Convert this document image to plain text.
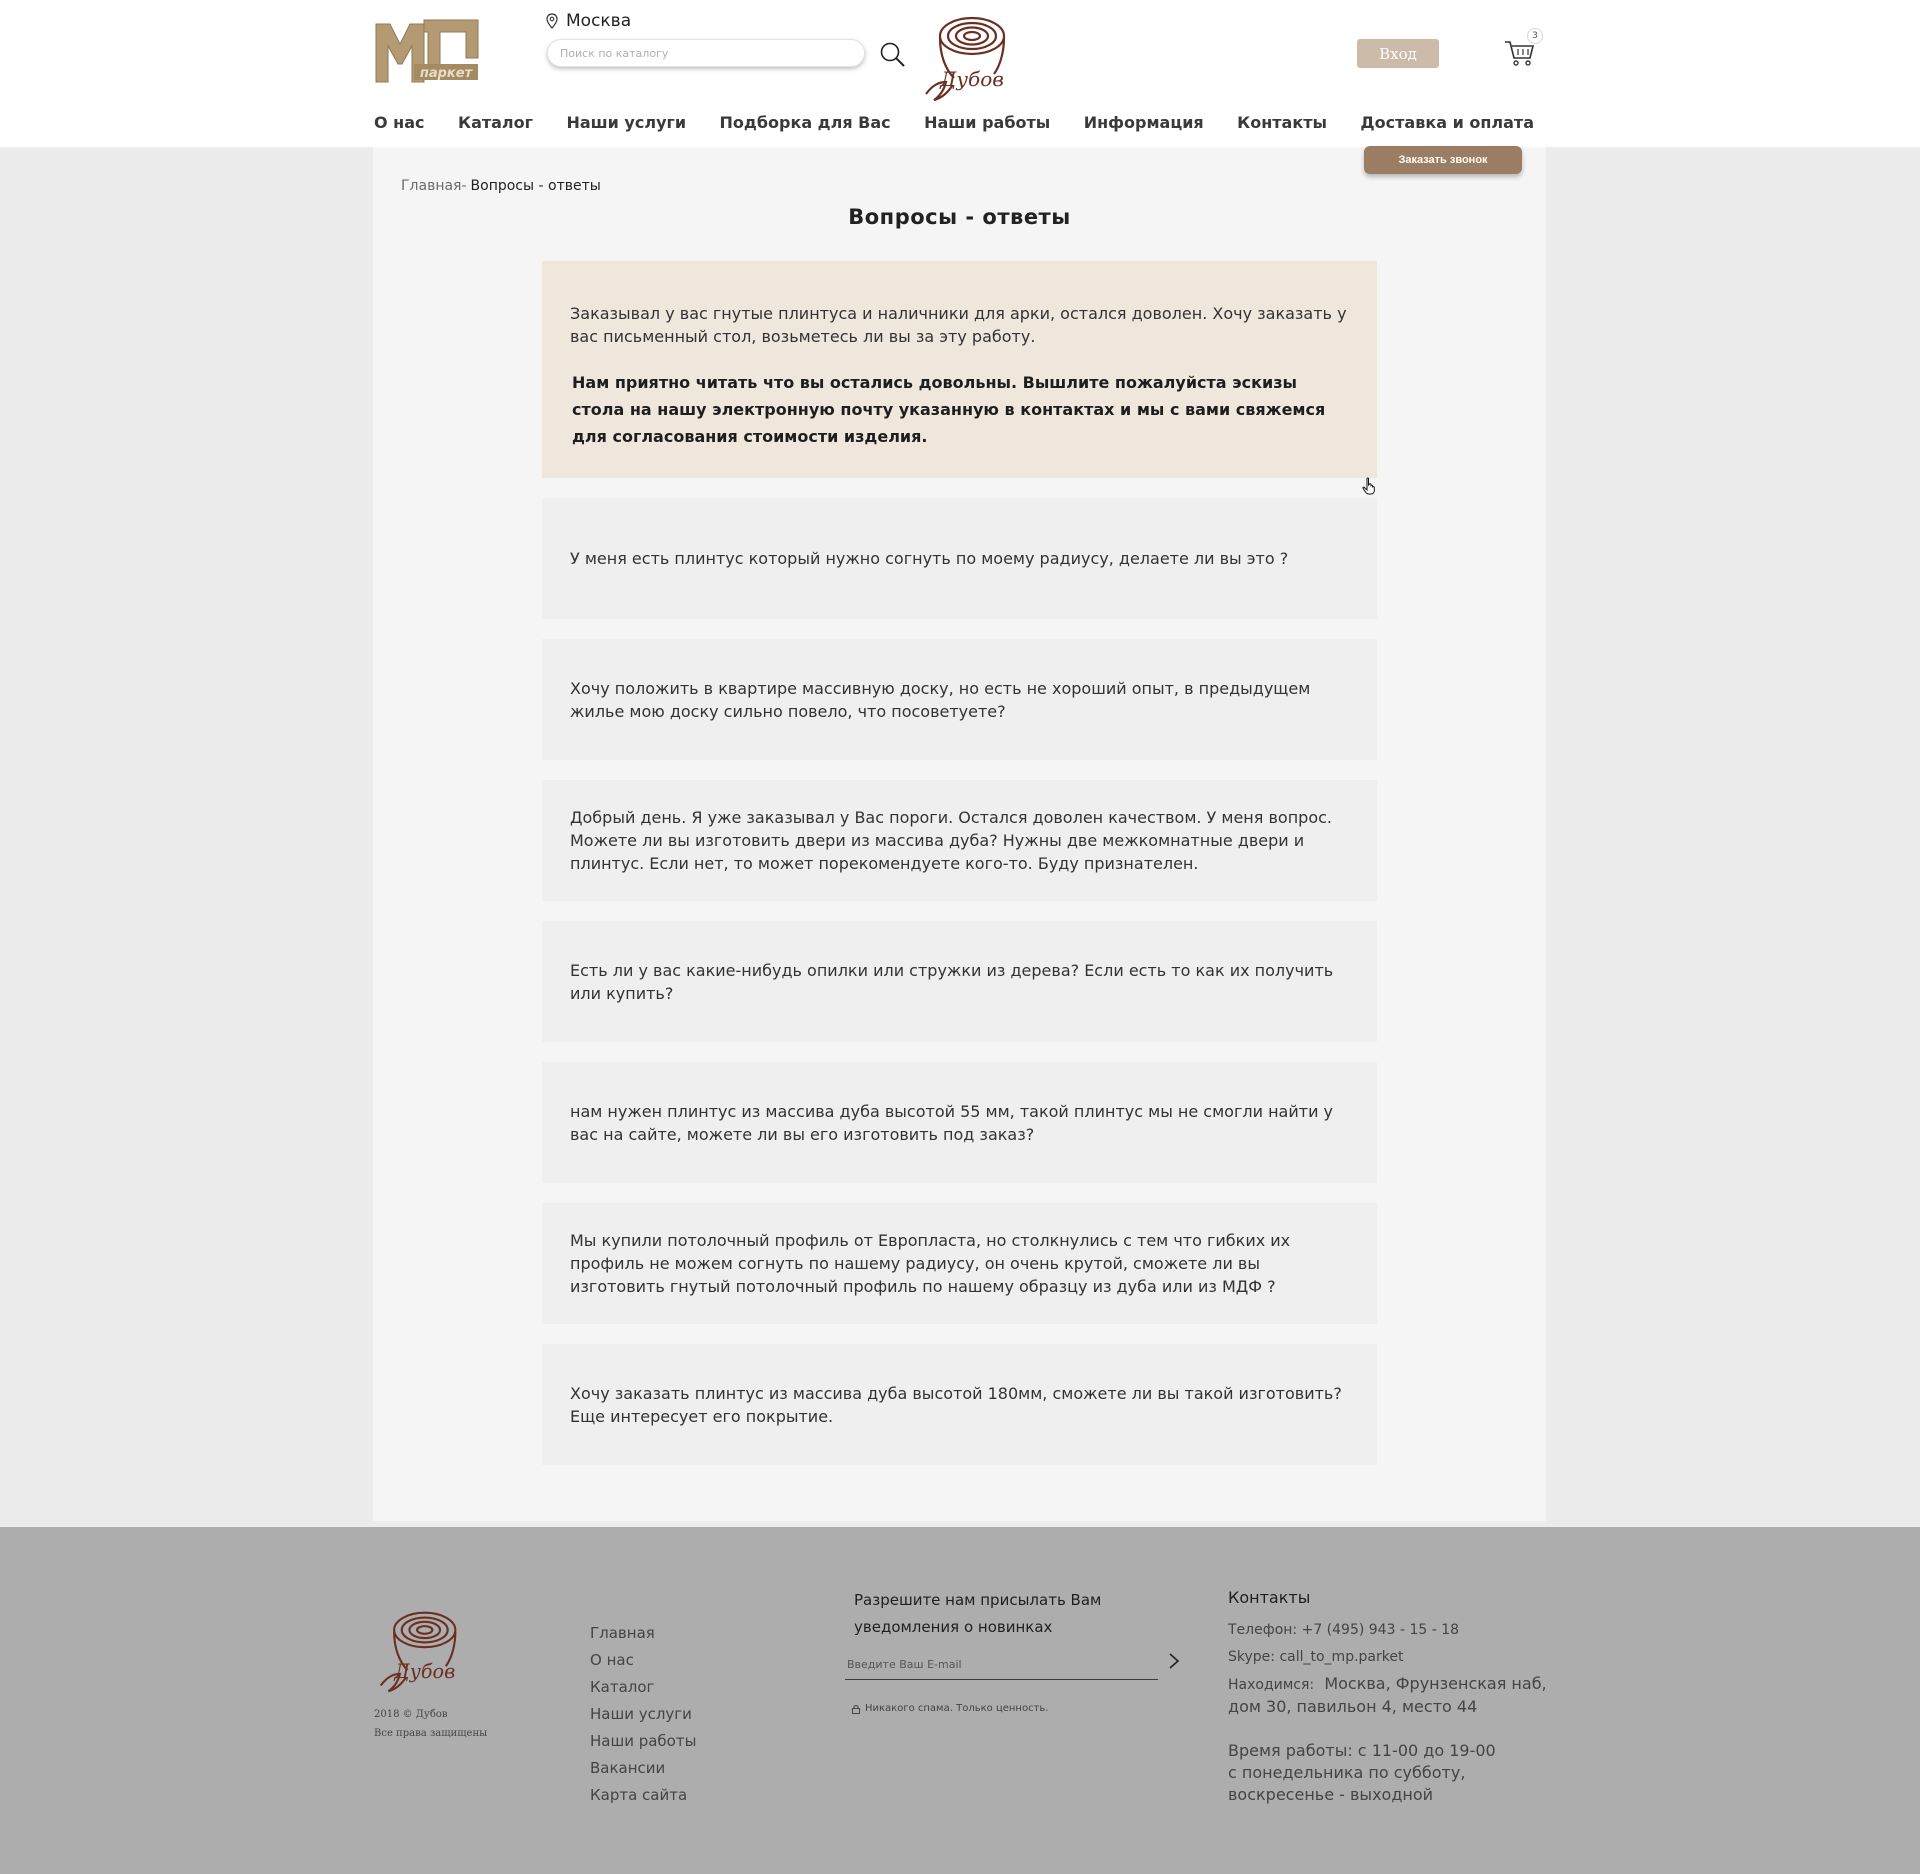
паркет
Москва
Поиск по каталогу
Дубов
Вход
3
О нас Каталог Наши услуги Подборка для Вас Наши работы Информация Контакты Доставка и оплата
Заказать звонок
Главная- Вопросы - ответы
Вопросы - ответы
Заказывал у вас гнутые плинтуса и наличники для арки, остался доволен. Хочу заказать у вас письменный стол, возьметесь ли вы за эту работу.
Нам приятно читать что вы остались довольны. Вышлите пожалуйста эскизы стола на нашу электронную почту указанную в контактах и мы с вами свяжемся для согласования стоимости изделия.
У меня есть плинтус который нужно согнуть по моему радиусу, делаете ли вы это ?
Хочу положить в квартире массивную доску, но есть не хороший опыт, в предыдущем жилье мою доску сильно повело, что посоветуете?
Добрый день. Я уже заказывал у Вас пороги. Остался доволен качеством. У меня вопрос. Можете ли вы изготовить двери из массива дуба? Нужны две межкомнатные двери и плинтус. Если нет, то может порекомендуете кого-то. Буду признателен.
Есть ли у вас какие-нибудь опилки или стружки из дерева? Если есть то как их получить или купить?
нам нужен плинтус из массива дуба высотой 55 мм, такой плинтус мы не смогли найти у вас на сайте, можете ли вы его изготовить под заказ?
Мы купили потолочный профиль от Европласта, но столкнулись с тем что гибких их профиль не можем согнуть по нашему радиусу, он очень крутой, сможете ли вы изготовить гнутый потолочный профиль по нашему образцу из дуба или из МДФ ?
Хочу заказать плинтус из массива дуба высотой 180мм, сможете ли вы такой изготовить? Еще интересует его покрытие.
Дубов
2018 © Дубов
Все права защищены
Главная
О нас
Каталог
Наши услуги
Наши работы
Вакансии
Карта сайта
Разрешите нам присылать Вам уведомления о новинках
Введите Ваш E-mail
Никакого спама. Только ценность.
Контакты
Телефон: +7 (495) 943 - 15 - 18
Skype: call_to_mp.parket
Находимся: Москва, Фрунзенская наб, дом 30, павильон 4, место 44
Время работы: с 11-00 до 19-00
с понедельника по субботу,
воскресенье - выходной
